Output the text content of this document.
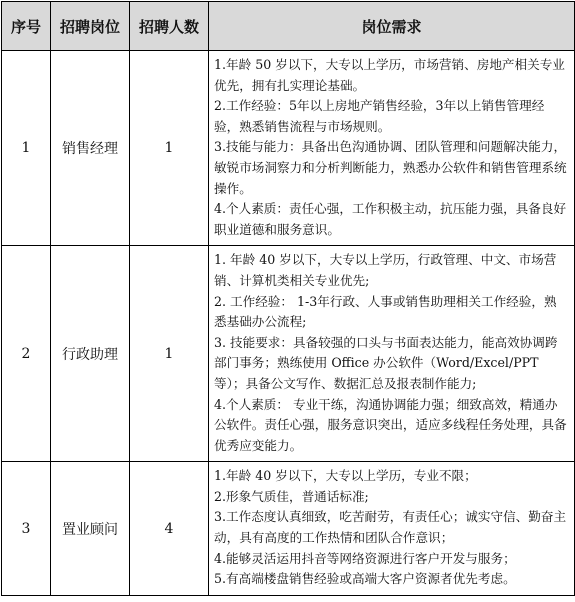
序号	招聘岗位	招聘人数	岗位需求
1	销售经理	1	1.年龄 50 岁以下，大专以上学历，市场营销、房地产相关专业优先，拥有扎实理论基础。
2.工作经验：5年以上房地产销售经验，3年以上销售管理经验，熟悉销售流程与市场规则。
3.技能与能力：具备出色沟通协调、团队管理和问题解决能力，敏锐市场洞察力和分析判断能力，熟悉办公软件和销售管理系统操作。
4.个人素质：责任心强，工作积极主动，抗压能力强，具备良好职业道德和服务意识。

2	行政助理	1	1. 年龄 40 岁以下，大专以上学历，行政管理、中文、市场营销、计算机类相关专业优先;
2. 工作经验： 1-3年行政、人事或销售助理相关工作经验，熟悉基础办公流程;
3. 技能要求：具备较强的口头与书面表达能力，能高效协调跨部门事务；熟练使用 Office 办公软件（Word/Excel/PPT 等）；具备公文写作、数据汇总及报表制作能力;
4.个人素质： 专业干练，沟通协调能力强；细致高效，精通办公软件。责任心强，服务意识突出，适应多线程任务处理，具备优秀应变能力。

3	置业顾问	4	1.年龄 40 岁以下，大专以上学历，专业不限；
2.形象气质佳，普通话标准;
3.工作态度认真细致，吃苦耐劳，有责任心；诚实守信、勤奋主动，具有高度的工作热情和团队合作意识；
4.能够灵活运用抖音等网络资源进行客户开发与服务；
5.有高端楼盘销售经验或高端大客户资源者优先考虑。
